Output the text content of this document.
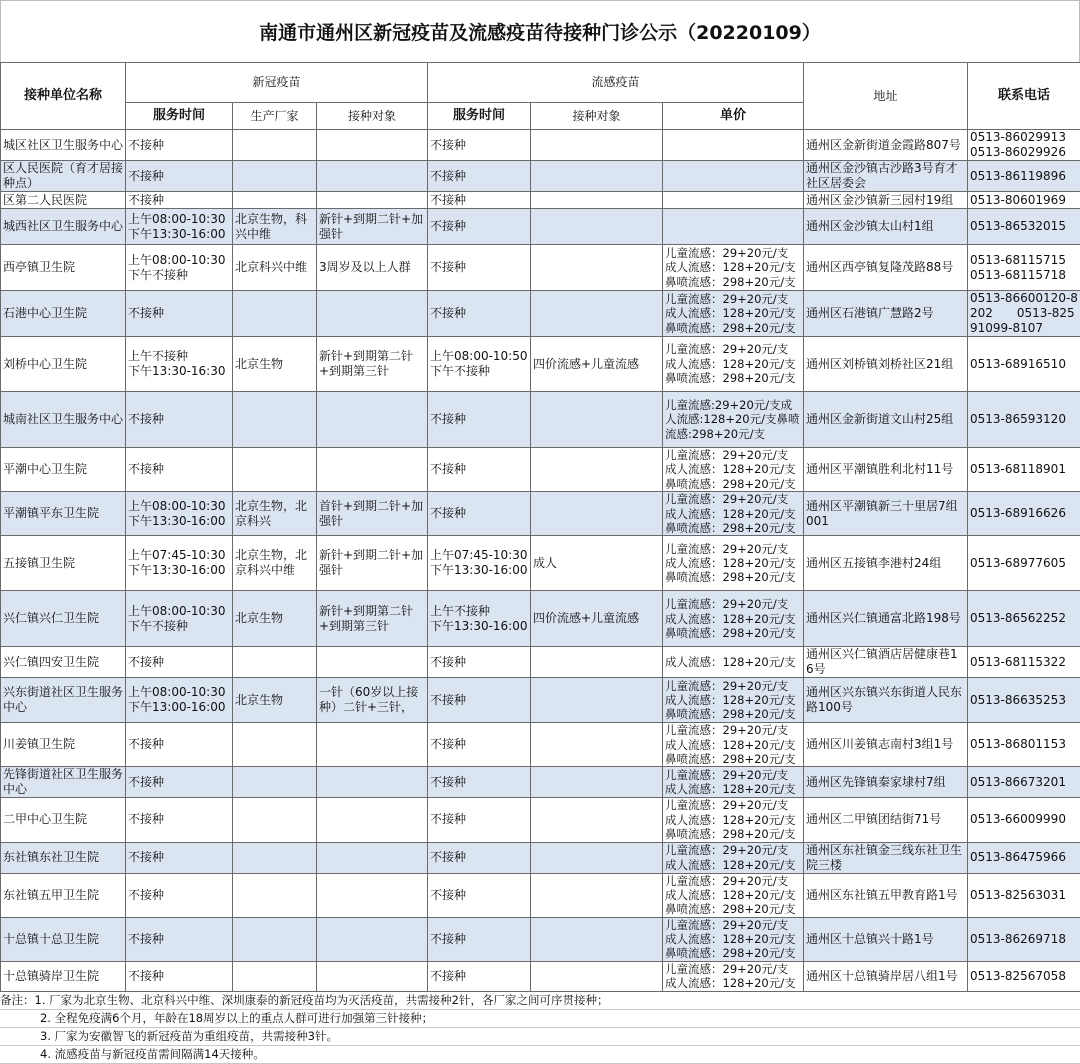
南通市通州区新冠疫苗及流感疫苗待接种门诊公示（20220109）
接种单位名称	新冠疫苗			流感疫苗			地址	联系电话
	服务时间	生产厂家	接种对象	服务时间	接种对象	单价		
城区社区卫生服务中心	不接种			不接种			通州区金新街道金霞路807号	0513-86029913
0513-86029926
区人民医院（育才居接种点）	不接种			不接种			通州区金沙镇古沙路3号育才社区居委会	0513-86119896
区第二人民医院	不接种			不接种			通州区金沙镇新三园村19组	0513-80601969
城西社区卫生服务中心	上午08:00-10:30
下午13:30-16:00	北京生物，科兴中维	新针+到期二针+加强针	不接种			通州区金沙镇太山村1组	0513-86532015
西亭镇卫生院	上午08:00-10:30
下午不接种	北京科兴中维	3周岁及以上人群	不接种		儿童流感：29+20元/支
成人流感：128+20元/支
鼻喷流感：298+20元/支	通州区西亭镇复隆茂路88号	0513-68115715
0513-68115718
石港中心卫生院	不接种			不接种		儿童流感：29+20元/支
成人流感：128+20元/支
鼻喷流感：298+20元/支	通州区石港镇广慧路2号	0513-86600120-8202　　0513-82591099-8107
刘桥中心卫生院	上午不接种
下午13:30-16:30	北京生物	新针+到期第二针+到期第三针	上午08:00-10:50
下午不接种	四价流感+儿童流感	儿童流感：29+20元/支
成人流感：128+20元/支
鼻喷流感：298+20元/支	通州区刘桥镇刘桥社区21组	0513-68916510
城南社区卫生服务中心	不接种			不接种		儿童流感:29+20元/支成人流感:128+20元/支鼻喷流感:298+20元/支	通州区金新街道文山村25组	0513-86593120
平潮中心卫生院	不接种			不接种		儿童流感：29+20元/支
成人流感：128+20元/支
鼻喷流感：298+20元/支	通州区平潮镇胜利北村11号	0513-68118901
平潮镇平东卫生院	上午08:00-10:30
下午13:30-16:00	北京生物，北京科兴	首针+到期二针+加强针	不接种		儿童流感：29+20元/支
成人流感：128+20元/支
鼻喷流感：298+20元/支	通州区平潮镇新三十里居7组001	0513-68916626
五接镇卫生院	上午07:45-10:30
下午13:30-16:00	北京生物，北京科兴中维	新针+到期二针+加强针	上午07:45-10:30
下午13:30-16:00	成人	儿童流感：29+20元/支
成人流感：128+20元/支
鼻喷流感：298+20元/支	通州区五接镇李港村24组	0513-68977605
兴仁镇兴仁卫生院	上午08:00-10:30
下午不接种	北京生物	新针+到期第二针+到期第三针	上午不接种
下午13:30-16:00	四价流感+儿童流感	儿童流感：29+20元/支
成人流感：128+20元/支
鼻喷流感：298+20元/支	通州区兴仁镇通富北路198号	0513-86562252
兴仁镇四安卫生院	不接种			不接种		成人流感：128+20元/支	通州区兴仁镇酒店居健康巷16号	0513-68115322
兴东街道社区卫生服务中心	上午08:00-10:30
下午13:00-16:00	北京生物	一针（60岁以上接种）二针+三针，	不接种		儿童流感：29+20元/支
成人流感：128+20元/支
鼻喷流感：298+20元/支	通州区兴东镇兴东街道人民东路100号	0513-86635253
川姜镇卫生院	不接种			不接种		儿童流感：29+20元/支
成人流感：128+20元/支
鼻喷流感：298+20元/支	通州区川姜镇志南村3组1号	0513-86801153
先锋街道社区卫生服务中心	不接种			不接种		儿童流感：29+20元/支
成人流感：128+20元/支	通州区先锋镇秦家埭村7组	0513-86673201
二甲中心卫生院	不接种			不接种		儿童流感：29+20元/支
成人流感：128+20元/支
鼻喷流感：298+20元/支	通州区二甲镇团结街71号	0513-66009990
东社镇东社卫生院	不接种			不接种		儿童流感：29+20元/支
成人流感：128+20元/支	通州区东社镇金三线东社卫生院三楼	0513-86475966
东社镇五甲卫生院	不接种			不接种		儿童流感：29+20元/支
成人流感：128+20元/支
鼻喷流感：298+20元/支	通州区东社镇五甲教育路1号	0513-82563031
十总镇十总卫生院	不接种			不接种		儿童流感：29+20元/支
成人流感：128+20元/支
鼻喷流感：298+20元/支	通州区十总镇兴十路1号	0513-86269718
十总镇骑岸卫生院	不接种			不接种		儿童流感：29+20元/支
成人流感：128+20元/支	通州区十总镇骑岸居八组1号	0513-82567058
备注：1. 厂家为北京生物、北京科兴中维、深圳康泰的新冠疫苗均为灭活疫苗，共需接种2针，各厂家之间可序贯接种；
2. 全程免疫满6个月，年龄在18周岁以上的重点人群可进行加强第三针接种；
3. 厂家为安徽智飞的新冠疫苗为重组疫苗，共需接种3针。
4. 流感疫苗与新冠疫苗需间隔满14天接种。
